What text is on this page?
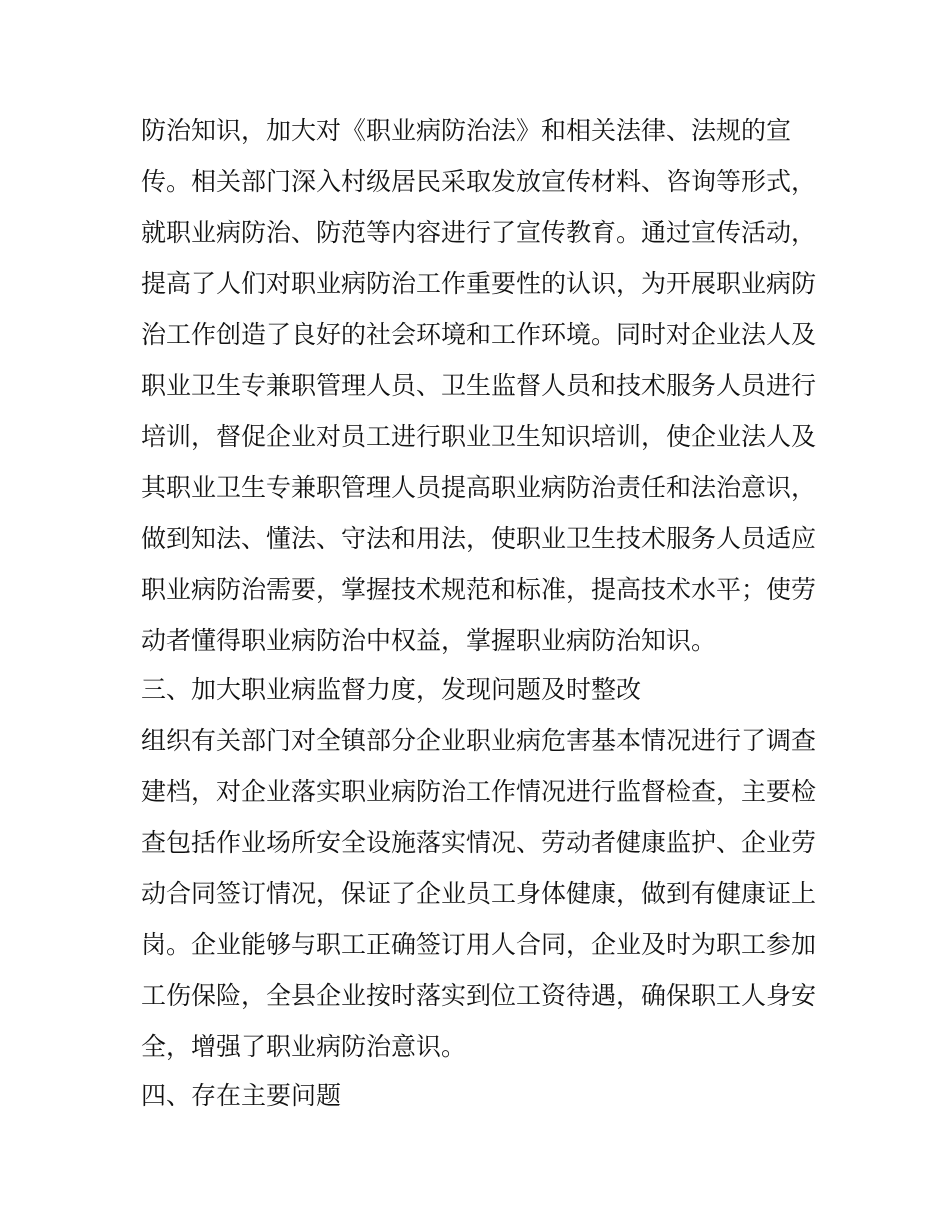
防治知识，加大对《职业病防治法》和相关法律、法规的宣
传。相关部门深入村级居民采取发放宣传材料、咨询等形式，
就职业病防治、防范等内容进行了宣传教育。通过宣传活动，
提高了人们对职业病防治工作重要性的认识，为开展职业病防
治工作创造了良好的社会环境和工作环境。同时对企业法人及
职业卫生专兼职管理人员、卫生监督人员和技术服务人员进行
培训，督促企业对员工进行职业卫生知识培训，使企业法人及
其职业卫生专兼职管理人员提高职业病防治责任和法治意识，
做到知法、懂法、守法和用法，使职业卫生技术服务人员适应
职业病防治需要，掌握技术规范和标准，提高技术水平；使劳
动者懂得职业病防治中权益，掌握职业病防治知识。
三、加大职业病监督力度，发现问题及时整改
组织有关部门对全镇部分企业职业病危害基本情况进行了调查
建档，对企业落实职业病防治工作情况进行监督检查，主要检
查包括作业场所安全设施落实情况、劳动者健康监护、企业劳
动合同签订情况，保证了企业员工身体健康，做到有健康证上
岗。企业能够与职工正确签订用人合同，企业及时为职工参加
工伤保险，全县企业按时落实到位工资待遇，确保职工人身安
全，增强了职业病防治意识。
四、存在主要问题
